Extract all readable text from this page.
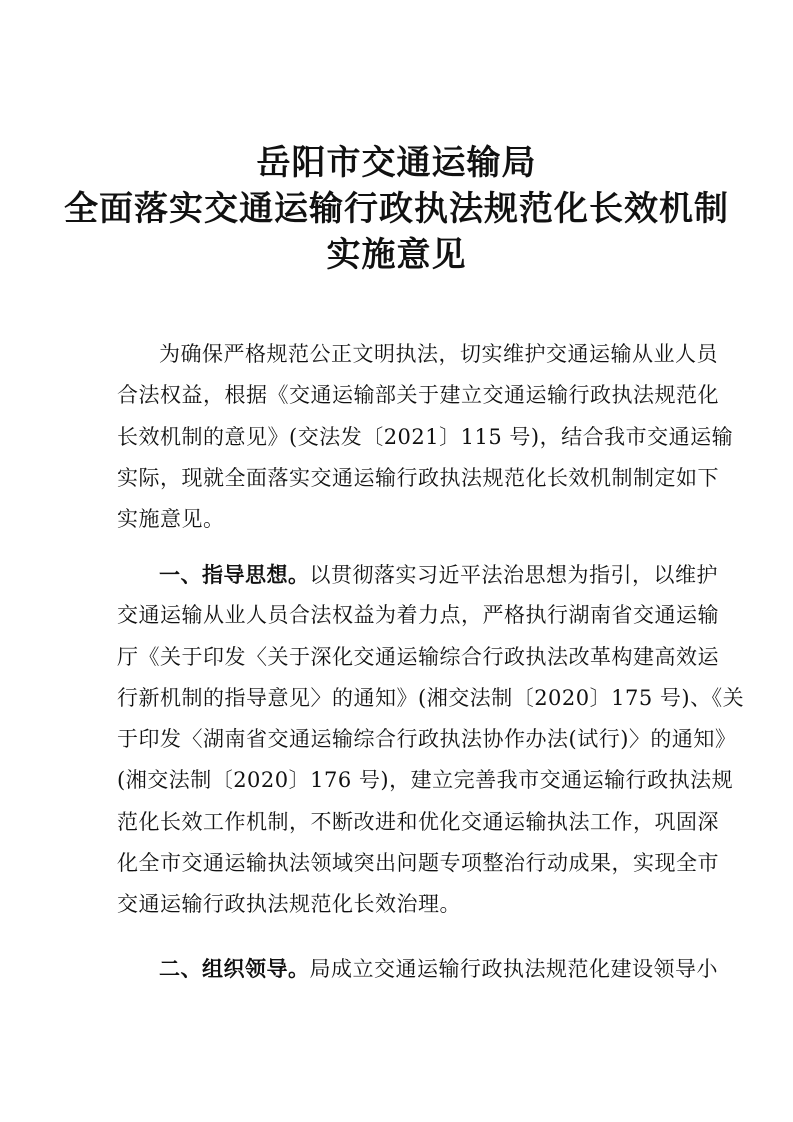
岳阳市交通运输局
全面落实交通运输行政执法规范化长效机制
实施意见
为确保严格规范公正文明执法，切实维护交通运输从业人员
合法权益，根据《交通运输部关于建立交通运输行政执法规范化
长效机制的意见》(交法发〔2021〕115 号)，结合我市交通运输
实际，现就全面落实交通运输行政执法规范化长效机制制定如下
实施意见。
一、指导思想。以贯彻落实习近平法治思想为指引，以维护
交通运输从业人员合法权益为着力点，严格执行湖南省交通运输
厅《关于印发〈关于深化交通运输综合行政执法改革构建高效运
行新机制的指导意见〉的通知》(湘交法制〔2020〕175 号)、《关
于印发〈湖南省交通运输综合行政执法协作办法(试行)〉的通知》
(湘交法制〔2020〕176 号)，建立完善我市交通运输行政执法规
范化长效工作机制，不断改进和优化交通运输执法工作，巩固深
化全市交通运输执法领域突出问题专项整治行动成果，实现全市
交通运输行政执法规范化长效治理。
二、组织领导。局成立交通运输行政执法规范化建设领导小
